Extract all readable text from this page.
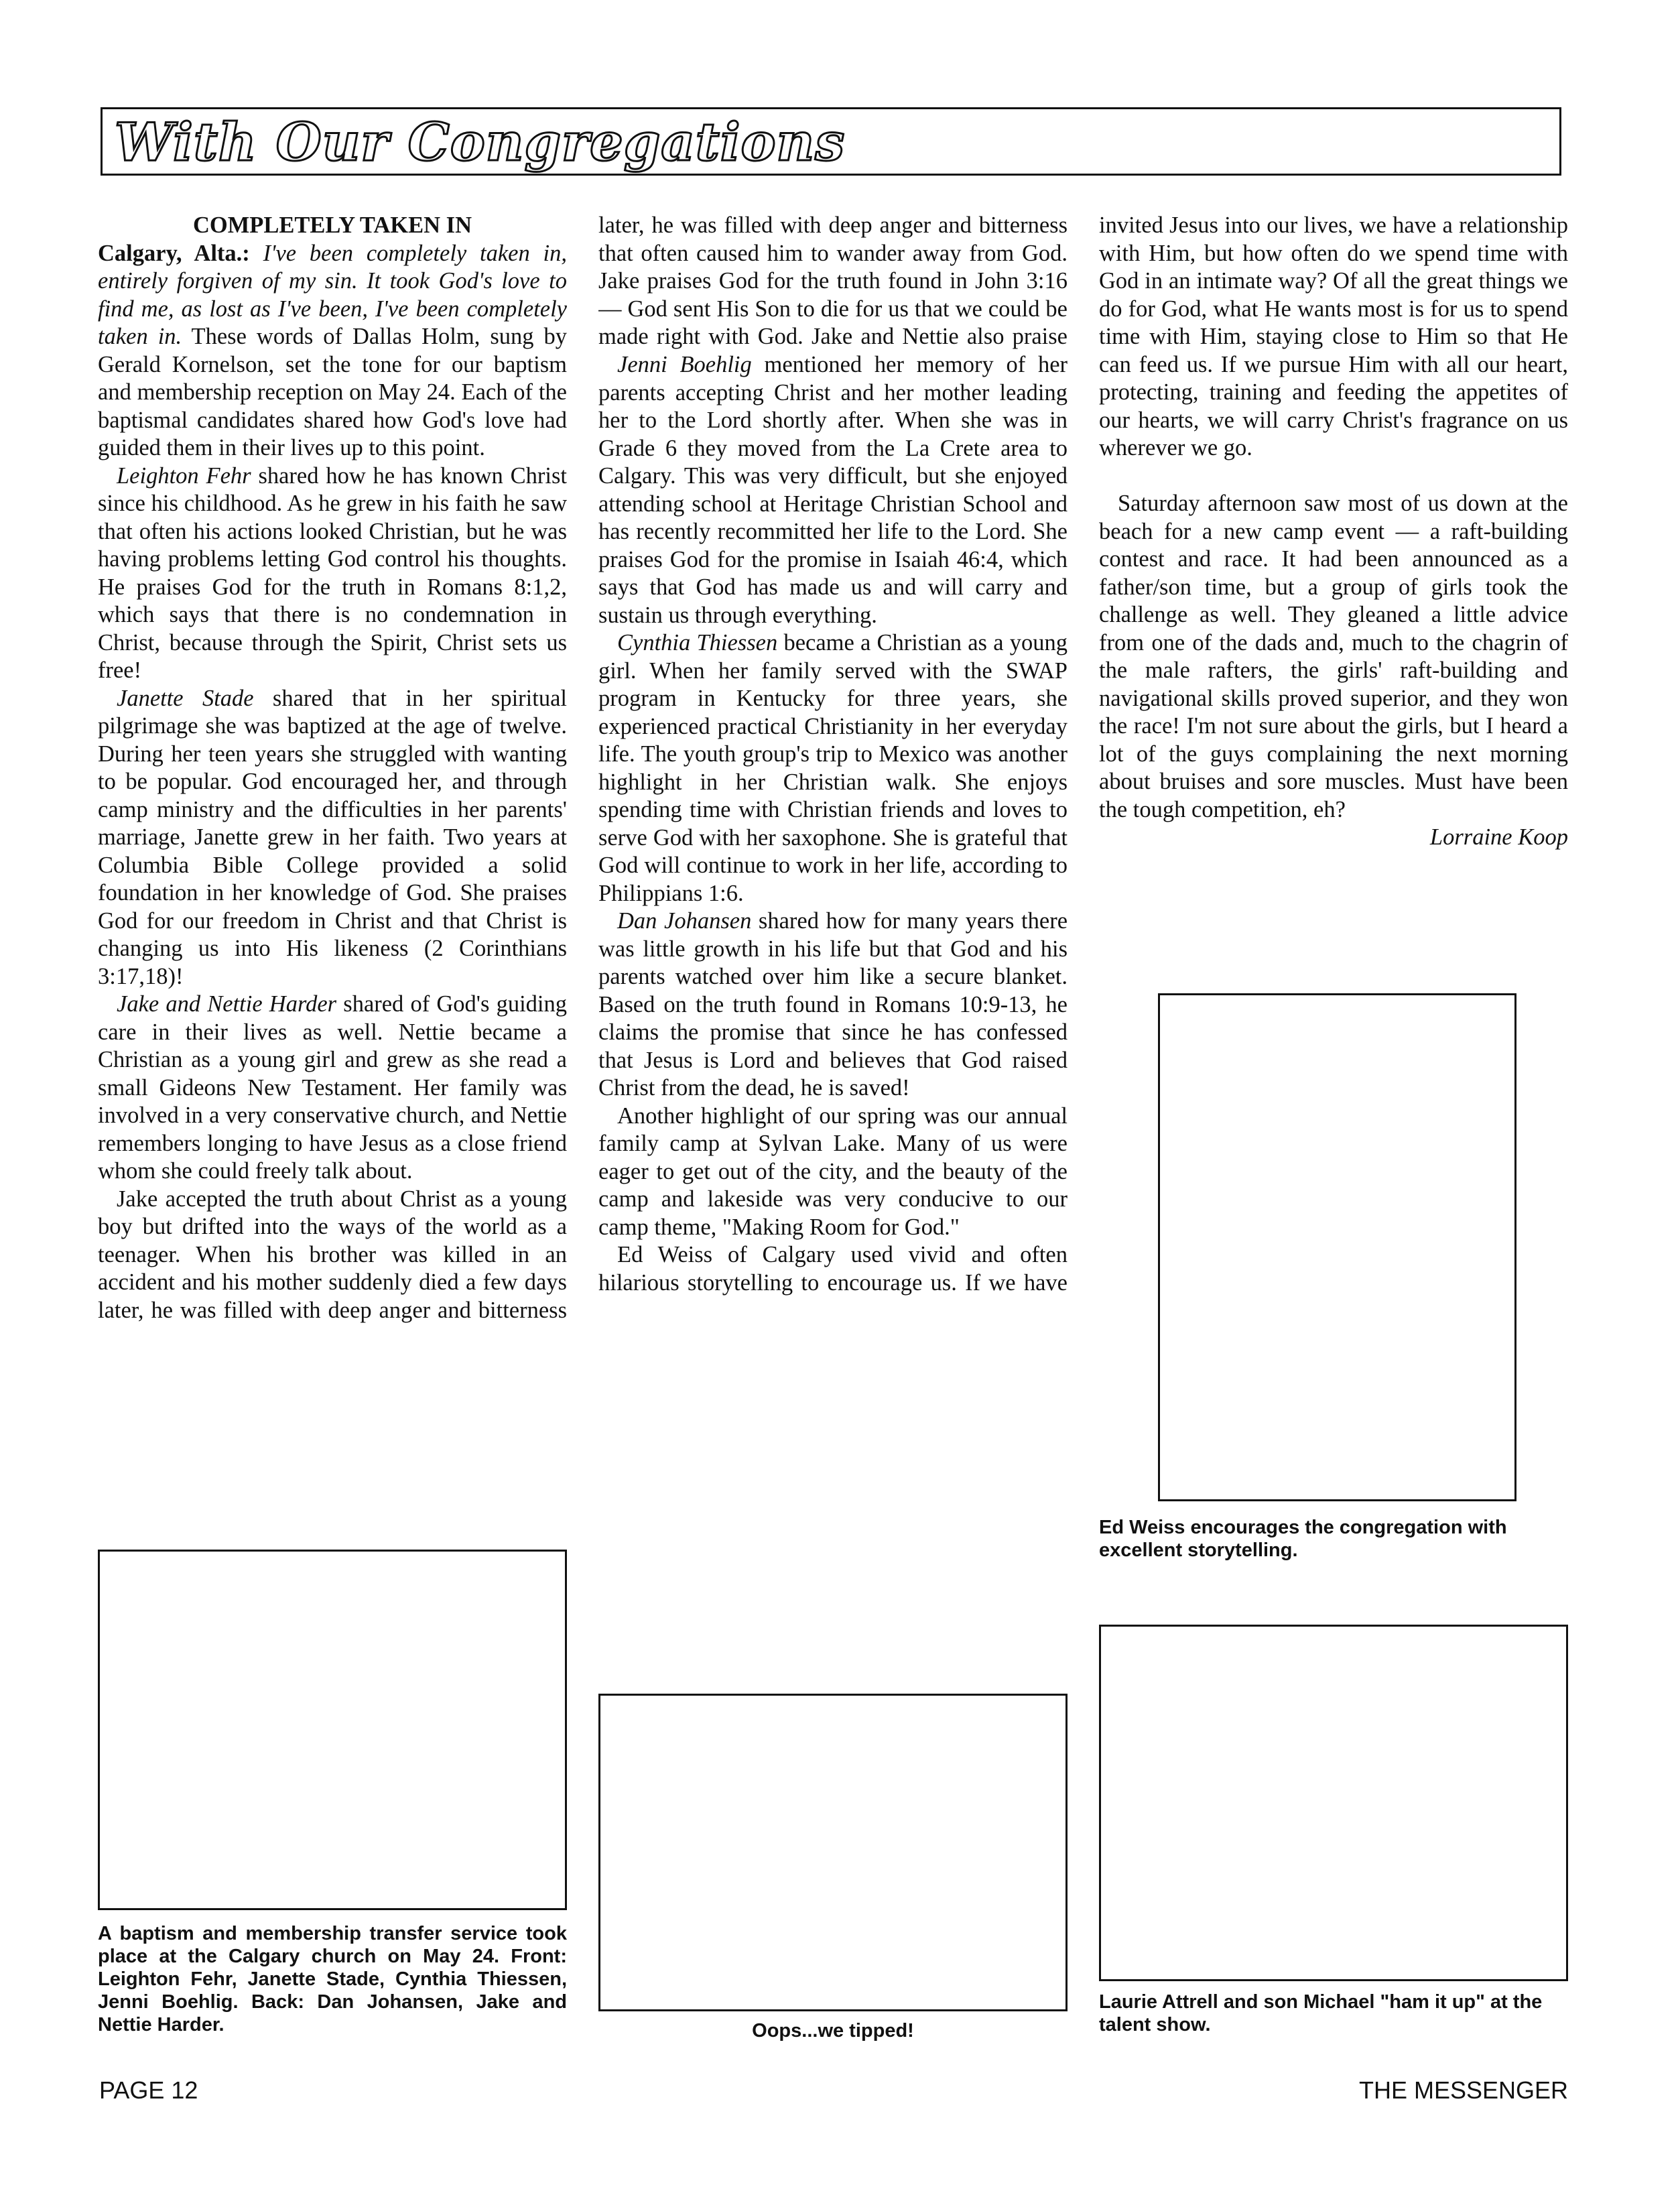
With Our Congregations
COMPLETELY TAKEN IN

Calgary, Alta.: I've been completely taken in, entirely forgiven of my sin. It took God's love to find me, as lost as I've been, I've been completely taken in. These words of Dallas Holm, sung by Gerald Kornelson, set the tone for our baptism and membership reception on May 24. Each of the baptismal candidates shared how God's love had guided them in their lives up to this point.

Leighton Fehr shared how he has known Christ since his childhood. As he grew in his faith he saw that often his actions looked Christian, but he was having problems letting God control his thoughts. He praises God for the truth in Romans 8:1,2, which says that there is no condemnation in Christ, because through the Spirit, Christ sets us free!

Janette Stade shared that in her spiritual pilgrimage she was baptized at the age of twelve. During her teen years she struggled with wanting to be popular. God encouraged her, and through camp ministry and the difficulties in her parents' marriage, Janette grew in her faith. Two years at Columbia Bible College provided a solid foundation in her knowledge of God. She praises God for our freedom in Christ and that Christ is changing us into His likeness (2 Corinthians 3:17,18)!

Jake and Nettie Harder shared of God's guiding care in their lives as well. Nettie became a Christian as a young girl and grew as she read a small Gideons New Testament. Her family was involved in a very conservative church, and Nettie remembers longing to have Jesus as a close friend whom she could freely talk about.

Jake accepted the truth about Christ as a young boy but drifted into the ways of the world as a teenager. When his brother was killed in an accident and his mother suddenly died a few days later, he was filled with deep anger and bitterness

later, he was filled with deep anger and bitterness that often caused him to wander away from God. Jake praises God for the truth found in John 3:16 — God sent His Son to die for us that we could be made right with God. Jake and Nettie also praise

Jenni Boehlig mentioned her memory of her parents accepting Christ and her mother leading her to the Lord shortly after. When she was in Grade 6 they moved from the La Crete area to Calgary. This was very difficult, but she enjoyed attending school at Heritage Christian School and has recently recommitted her life to the Lord. She praises God for the promise in Isaiah 46:4, which says that God has made us and will carry and sustain us through everything.

Cynthia Thiessen became a Christian as a young girl. When her family served with the SWAP program in Kentucky for three years, she experienced practical Christianity in her everyday life. The youth group's trip to Mexico was another highlight in her Christian walk. She enjoys spending time with Christian friends and loves to serve God with her saxophone. She is grateful that God will continue to work in her life, according to Philippians 1:6.

Dan Johansen shared how for many years there was little growth in his life but that God and his parents watched over him like a secure blanket. Based on the truth found in Romans 10:9-13, he claims the promise that since he has confessed that Jesus is Lord and believes that God raised Christ from the dead, he is saved!

Another highlight of our spring was our annual family camp at Sylvan Lake. Many of us were eager to get out of the city, and the beauty of the camp and lakeside was very conducive to our camp theme, "Making Room for God."

Ed Weiss of Calgary used vivid and often hilarious storytelling to encourage us. If we have

invited Jesus into our lives, we have a relationship with Him, but how often do we spend time with God in an intimate way? Of all the great things we do for God, what He wants most is for us to spend time with Him, staying close to Him so that He can feed us. If we pursue Him with all our heart, protecting, training and feeding the appetites of our hearts, we will carry Christ's fragrance on us wherever we go.

Saturday afternoon saw most of us down at the beach for a new camp event — a raft-building contest and race. It had been announced as a father/son time, but a group of girls took the challenge as well. They gleaned a little advice from one of the dads and, much to the chagrin of the male rafters, the girls' raft-building and navigational skills proved superior, and they won the race! I'm not sure about the girls, but I heard a lot of the guys complaining the next morning about bruises and sore muscles. Must have been the tough competition, eh?

Lorraine Koop

A baptism and membership transfer service took place at the Calgary church on May 24. Front: Leighton Fehr, Janette Stade, Cynthia Thiessen, Jenni Boehlig. Back: Dan Johansen, Jake and Nettie Harder.	Oops...we tipped!
Ed Weiss encourages the congregation with excellent storytelling.
Laurie Attrell and son Michael "ham it up" at the talent show.
PAGE 12	THE MESSENGER
